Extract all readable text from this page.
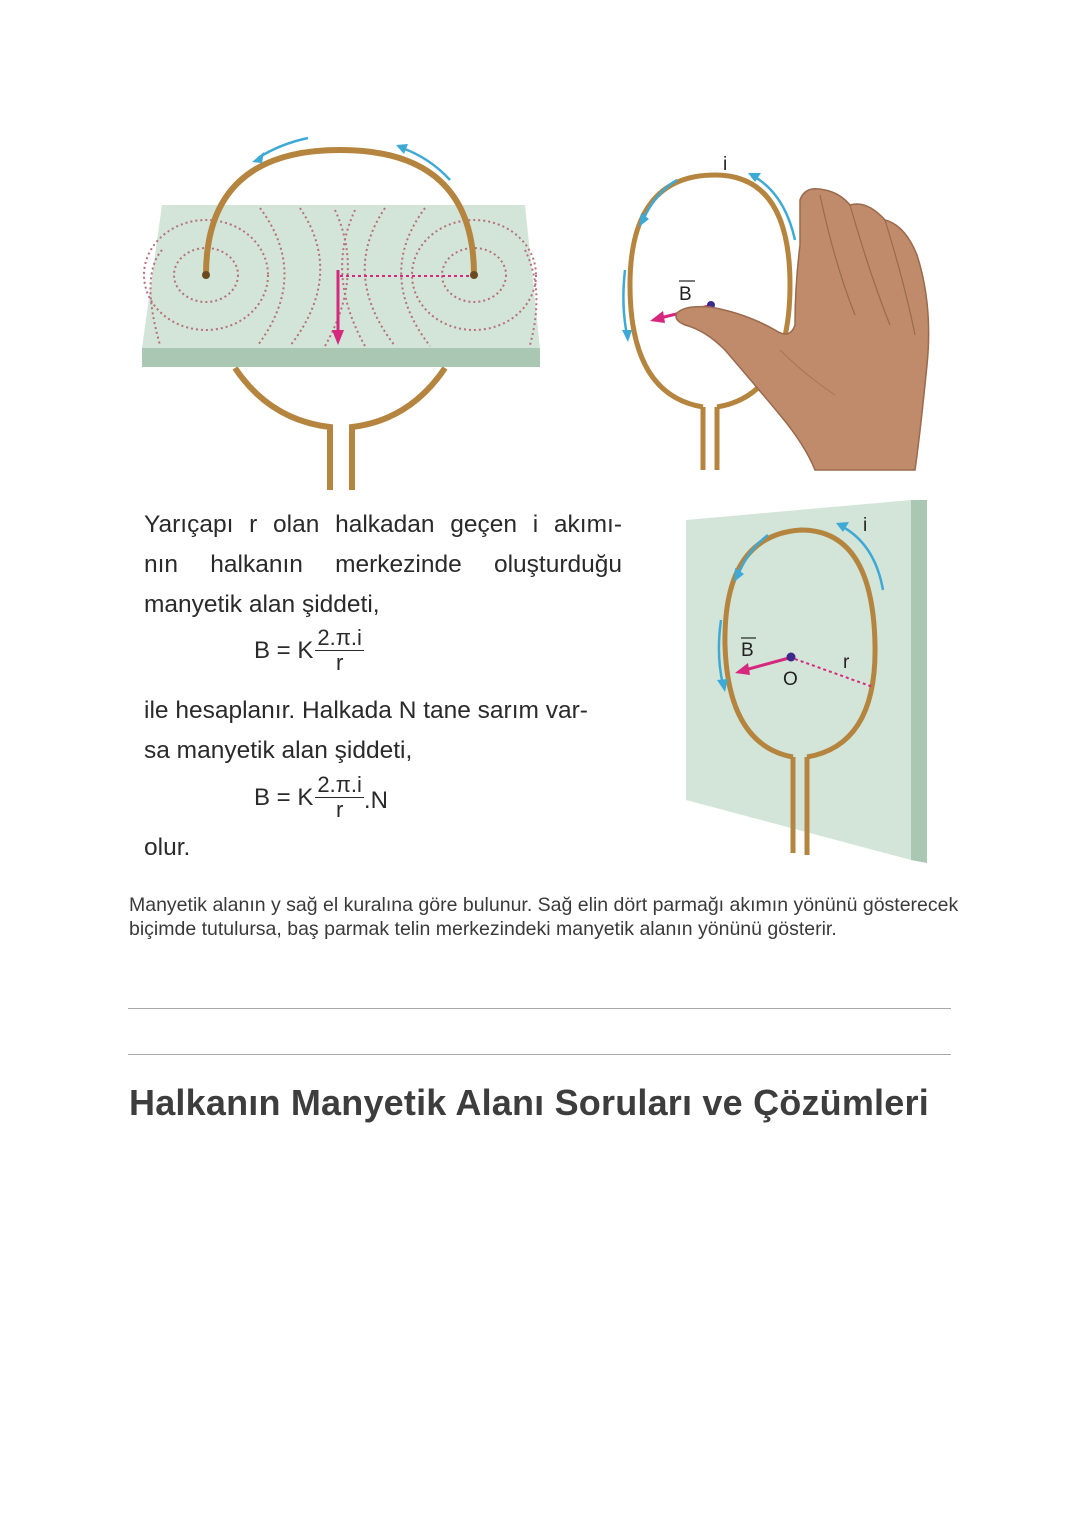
i
B
Yarıçapı r olan halkadan geçen i akımı-
nın halkanın merkezinde oluşturduğu
manyetik alan şiddeti,
B = K $\frac{2.\pi.i}{r}$
ile hesaplanır. Halkada N tane sarım var-
sa manyetik alan şiddeti,
B = K $\frac{2.\pi.i}{r} .N$
olur.
i
B
O
r

Manyetik alanın y sağ el kuralına göre bulunur. Sağ elin dört parmağı akımın yönünü gösterecek biçimde tutulursa, baş parmak telin merkezindeki manyetik alanın yönünü gösterir.

Halkanın Manyetik Alanı Soruları ve Çözümleri
